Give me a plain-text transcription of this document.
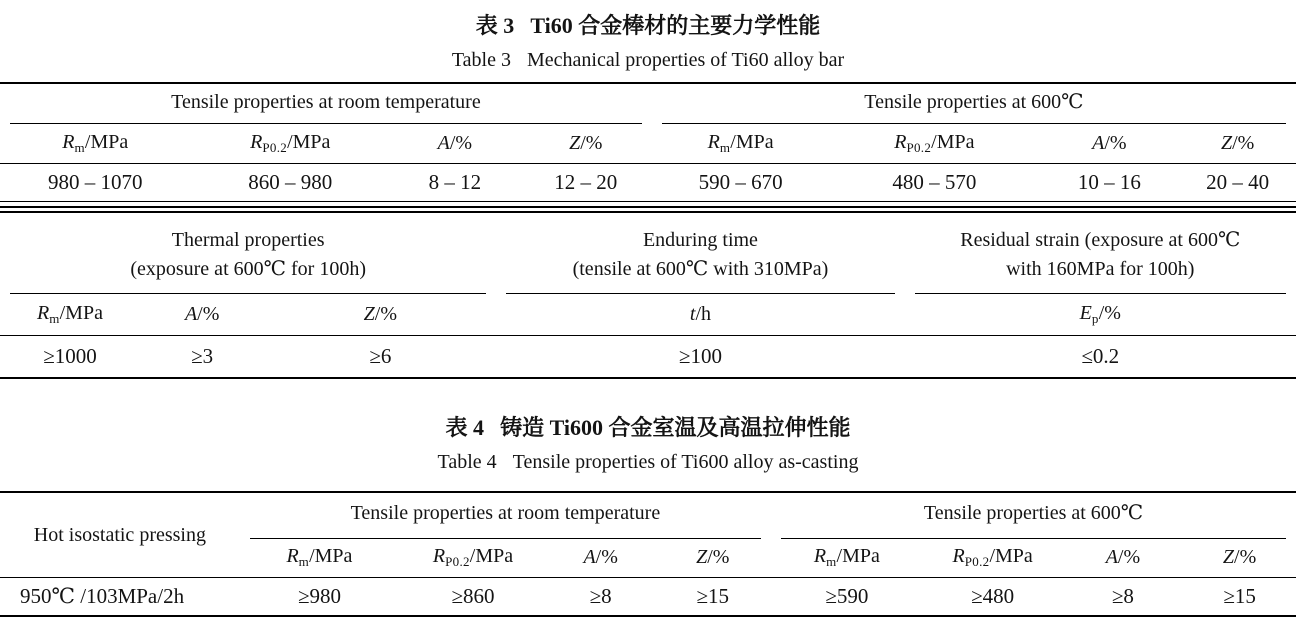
表 3 Ti60 合金棒材的主要力学性能
Table 3 Mechanical properties of Ti60 alloy bar
Tensile properties at room temperature				Tensile properties at 600℃			

$R_m$/MPa	$R_{P0.2}$/MPa	A/%	Z/%	$R_m$/MPa	$R_{P0.2}$/MPa	A/%	Z/%
980 – 1070	860 – 980	8 – 12	12 – 20	590 – 670	480 – 570	10 – 16	20 – 40
Thermal properties
(exposure at 600℃ for 100h)

Enduring time
(tensile at 600℃ with 310MPa)

Residual strain (exposure at 600℃
with 160MPa for 100h)

$R_m$/MPa	A/%	Z/%	t/h	$E_p/\%$
≥1000	≥3	≥6	≥100	≤0.2
表 4 铸造 Ti600 合金室温及高温拉伸性能
Table 4 Tensile properties of Ti600 alloy as-casting
Hot isostatic pressing	Tensile properties at room temperature				Tensile properties at 600℃			

	$R_m$/MPa	$R_{P0.2}$/MPa	A/%	Z/%	$R_m$/MPa	$R_{P0.2}$/MPa	A/%	Z/%
950℃ /103MPa/2h	≥980	≥860	≥8	≥15	≥590	≥480	≥8	≥15
